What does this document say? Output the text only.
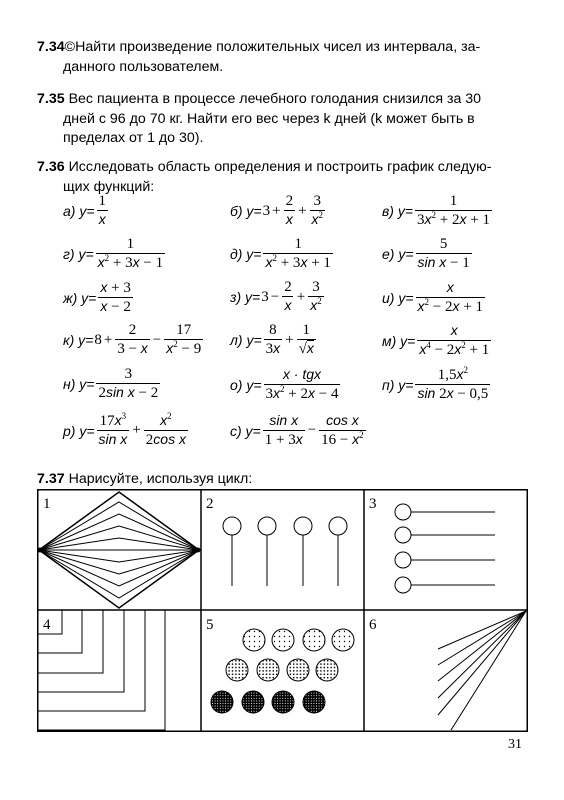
7.34©Найти произведение положительных чисел из интервала, за-
данного пользователем.
7.35 Вес пациента в процессе лечебного голодания снизился за 30
дней с 96 до 70 кг. Найти его вес через k дней (k может быть в
пределах от 1 до 30).
7.36 Исследовать область определения и построить график следую-
щих функций:
а) $y= \frac{1}{x}$	б) $y= 3 + \frac{2}{x} + \frac{3}{x^2}$	в) $y= \frac{1}{3x^2 + 2x + 1}$
г) $y= \frac{1}{x^2 + 3x - 1}$	д) $y= \frac{1}{x^2 + 3x + 1}$	е) $y= \frac{5}{\text{sin x − 1}}$
ж) $y= \frac{x + 3}{x - 2}$	з) $y= 3 - \frac{2}{x} + \frac{3}{x^2}$	и) $y= \frac{x}{x^2 - 2x + 1}$
к) $y= 8 + \frac{2}{3 - x} - \frac{17}{x^2 - 9} л$) $y= \frac{8}{3x} + \frac{1}{√x}$	м) $y= \frac{x}{x^4 - 2x^2 + 1}$
н) $y= \frac{3}{\text{2sin x − 2}}$	о) $y= \frac{\text{x · tgx}}{3x^2 + 2x - 4}$	п) $y= \frac{1,5x^2}{\sin 2x - 0,5}$
р) $y= \frac{17x^3}{\text{sin x}} + \frac{x^2}{\text{2cos x}}$	с) $y= \frac{\text{sin x}}{1 + 3x} - \frac{\text{cos x}}{16 - x^2}$
7.37 Нарисуйте, используя цикл:
1	2	3
4	5	6
31
